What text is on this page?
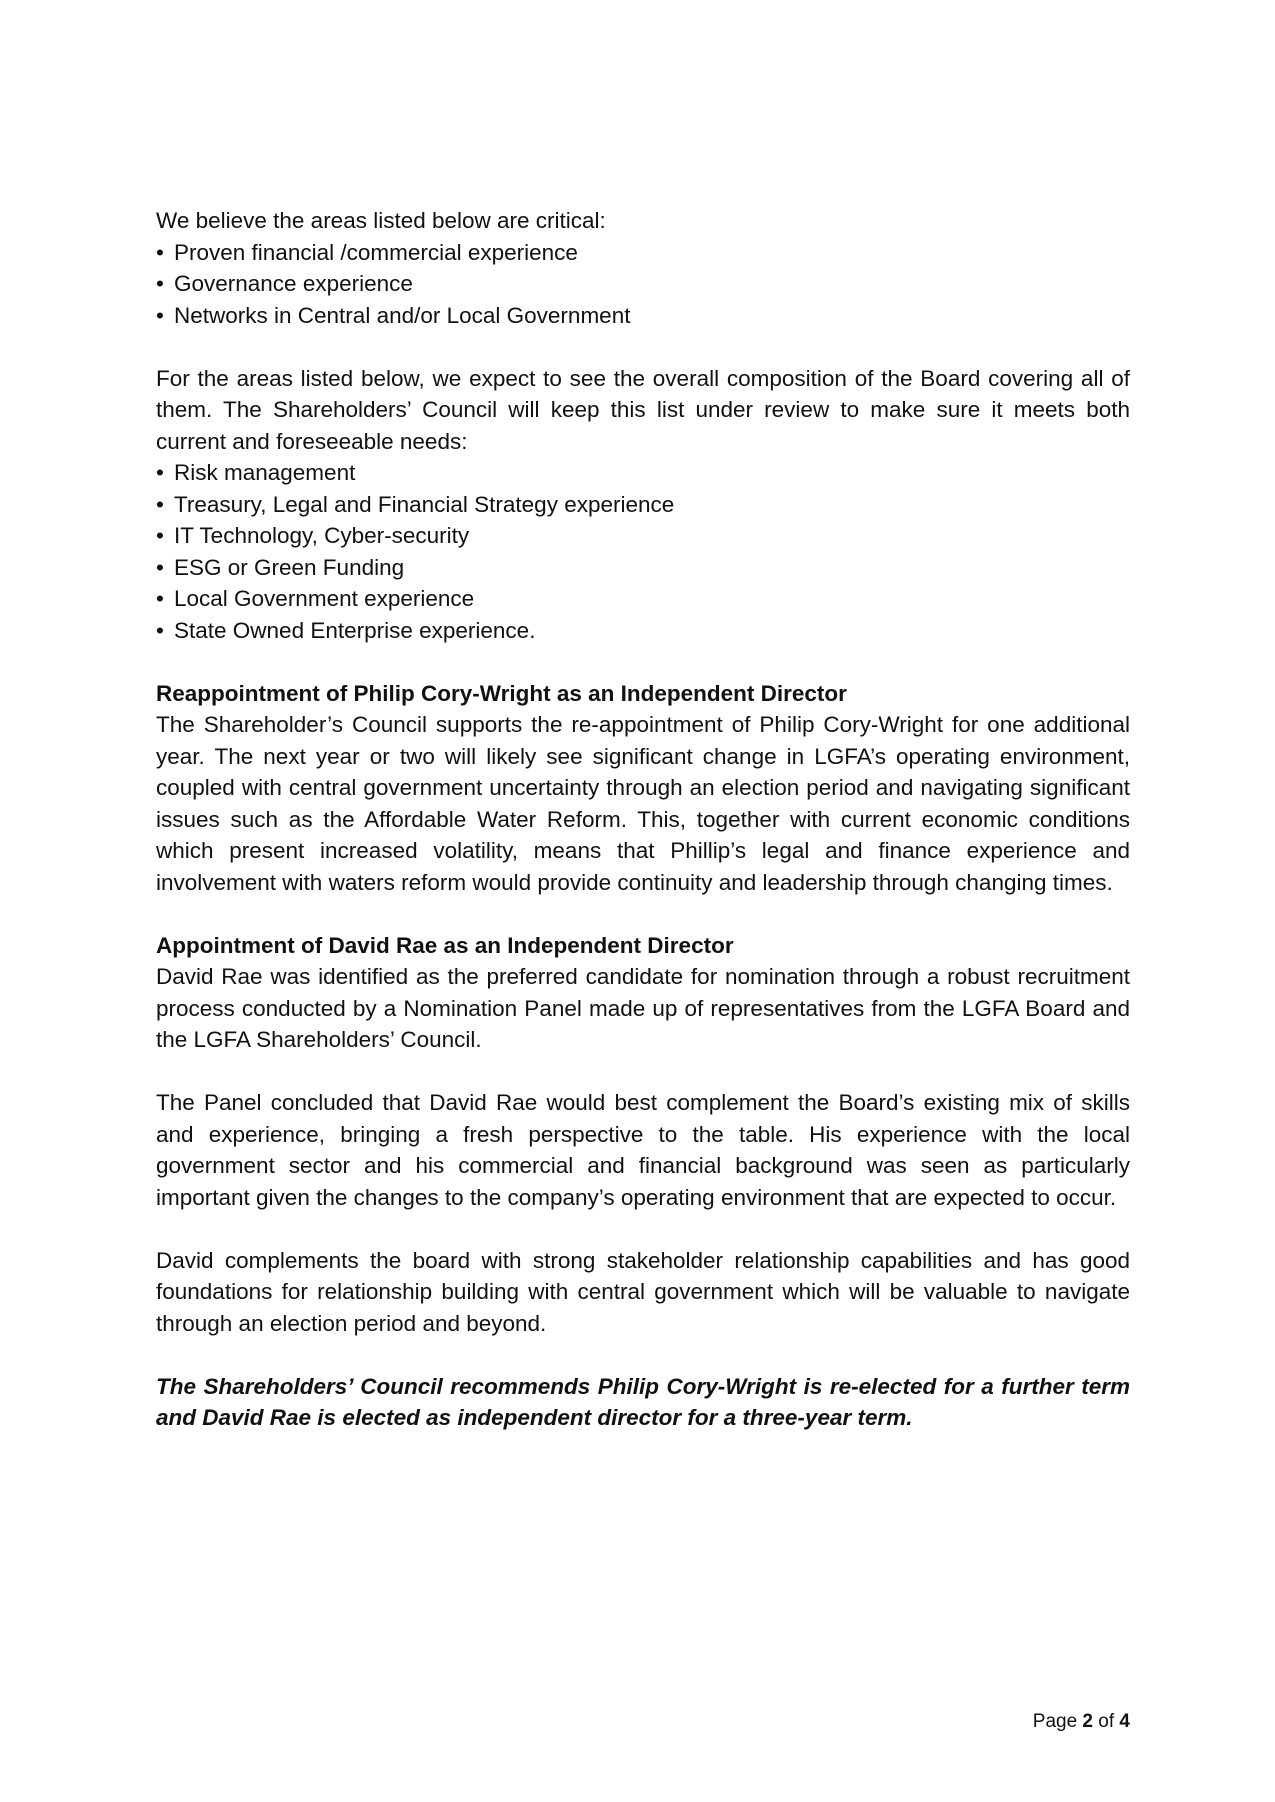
We believe the areas listed below are critical:

• Proven financial /commercial experience
• Governance experience
• Networks in Central and/or Local Government

For the areas listed below, we expect to see the overall composition of the Board covering all of them. The Shareholders’ Council will keep this list under review to make sure it meets both current and foreseeable needs:

• Risk management
• Treasury, Legal and Financial Strategy experience
• IT Technology, Cyber-security
• ESG or Green Funding
• Local Government experience
• State Owned Enterprise experience.

Reappointment of Philip Cory-Wright as an Independent Director

The Shareholder’s Council supports the re-appointment of Philip Cory-Wright for one additional year. The next year or two will likely see significant change in LGFA’s operating environment, coupled with central government uncertainty through an election period and navigating significant issues such as the Affordable Water Reform. This, together with current economic conditions which present increased volatility, means that Phillip’s legal and finance experience and involvement with waters reform would provide continuity and leadership through changing times.

Appointment of David Rae as an Independent Director

David Rae was identified as the preferred candidate for nomination through a robust recruitment process conducted by a Nomination Panel made up of representatives from the LGFA Board and the LGFA Shareholders’ Council.

The Panel concluded that David Rae would best complement the Board’s existing mix of skills and experience, bringing a fresh perspective to the table. His experience with the local government sector and his commercial and financial background was seen as particularly important given the changes to the company’s operating environment that are expected to occur.

David complements the board with strong stakeholder relationship capabilities and has good foundations for relationship building with central government which will be valuable to navigate through an election period and beyond.

The Shareholders’ Council recommends Philip Cory-Wright is re-elected for a further term and David Rae is elected as independent director for a three-year term.

Page 2 of 4
